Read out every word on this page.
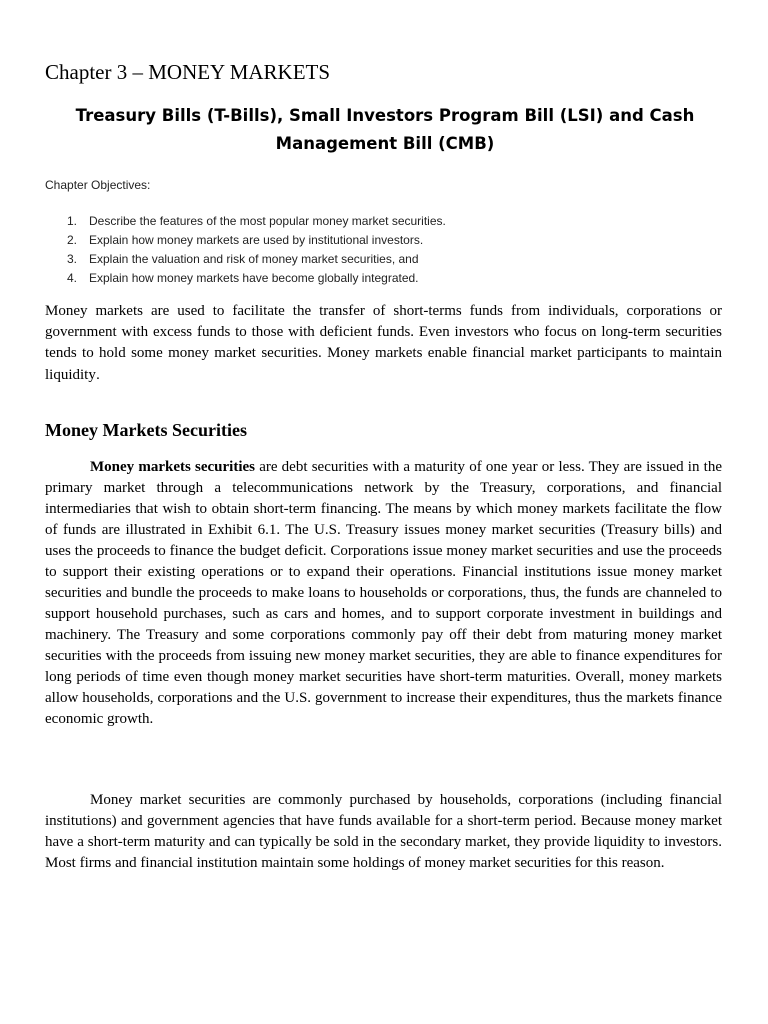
Chapter 3 – MONEY MARKETS
Treasury Bills (T-Bills), Small Investors Program Bill (LSI) and Cash
Management Bill (CMB)

Chapter Objectives:

1. Describe the features of the most popular money market securities.
2. Explain how money markets are used by institutional investors.
3. Explain the valuation and risk of money market securities, and
4. Explain how money markets have become globally integrated.

Money markets are used to facilitate the transfer of short-terms funds from individuals, corporations or government with excess funds to those with deficient funds. Even investors who focus on long-term securities tends to hold some money market securities. Money markets enable financial market participants to maintain liquidity.

Money Markets Securities

Money markets securities are debt securities with a maturity of one year or less. They are issued in the primary market through a telecommunications network by the Treasury, corporations, and financial intermediaries that wish to obtain short-term financing. The means by which money markets facilitate the flow of funds are illustrated in Exhibit 6.1. The U.S. Treasury issues money market securities (Treasury bills) and uses the proceeds to finance the budget deficit. Corporations issue money market securities and use the proceeds to support their existing operations or to expand their operations. Financial institutions issue money market securities and bundle the proceeds to make loans to households or corporations, thus, the funds are channeled to support household purchases, such as cars and homes, and to support corporate investment in buildings and machinery. The Treasury and some corporations commonly pay off their debt from maturing money market securities with the proceeds from issuing new money market securities, they are able to finance expenditures for long periods of time even though money market securities have short-term maturities. Overall, money markets allow households, corporations and the U.S. government to increase their expenditures, thus the markets finance economic growth.

Money market securities are commonly purchased by households, corporations (including financial institutions) and government agencies that have funds available for a short-term period. Because money market have a short-term maturity and can typically be sold in the secondary market, they provide liquidity to investors. Most firms and financial institution maintain some holdings of money market securities for this reason.
